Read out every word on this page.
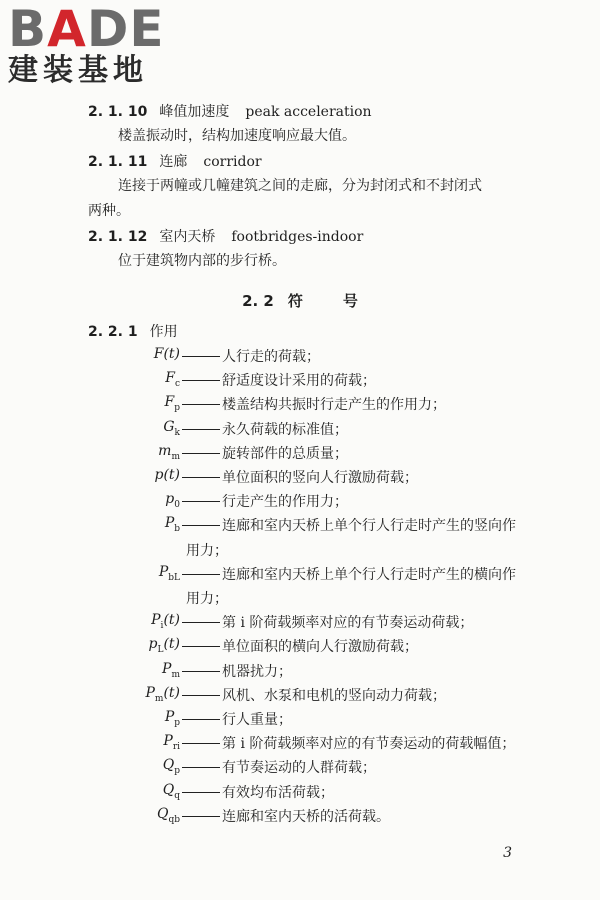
B A DE
建装基地
2. 1. 10 峰值加速度 peak acceleration
楼盖振动时，结构加速度响应最大值。
2. 1. 11 连廊 corridor
连接于两幢或几幢建筑之间的走廊，分为封闭式和不封闭式
两种。
2. 1. 12 室内天桥 footbridges-indoor
位于建筑物内部的步行桥。
2. 2 符	号
2. 2. 1 作用
F(t)	人行走的荷载；
$F_c$	舒适度设计采用的荷载；
$F_p$	楼盖结构共振时行走产生的作用力；
$G_k$	永久荷载的标准值；
$m_m$	旋转部件的总质量；
p(t)	单位面积的竖向人行激励荷载；
$p_0$	行走产生的作用力；
$P_b$	连廊和室内天桥上单个行人行走时产生的竖向作
用力；
$P_{bL}$	连廊和室内天桥上单个行人行走时产生的横向作
用力；
$P_i(t)$	第 i 阶荷载频率对应的有节奏运动荷载；
$p_L(t)$	单位面积的横向人行激励荷载；
$P_m$	机器扰力；
$P_m(t)$	风机、水泵和电机的竖向动力荷载；
$P_p$	行人重量；
$P_{ri}$	第 i 阶荷载频率对应的有节奏运动的荷载幅值；
$Q_p$	有节奏运动的人群荷载；
$Q_q$	有效均布活荷载；
$Q_{qb}$	连廊和室内天桥的活荷载。
3
